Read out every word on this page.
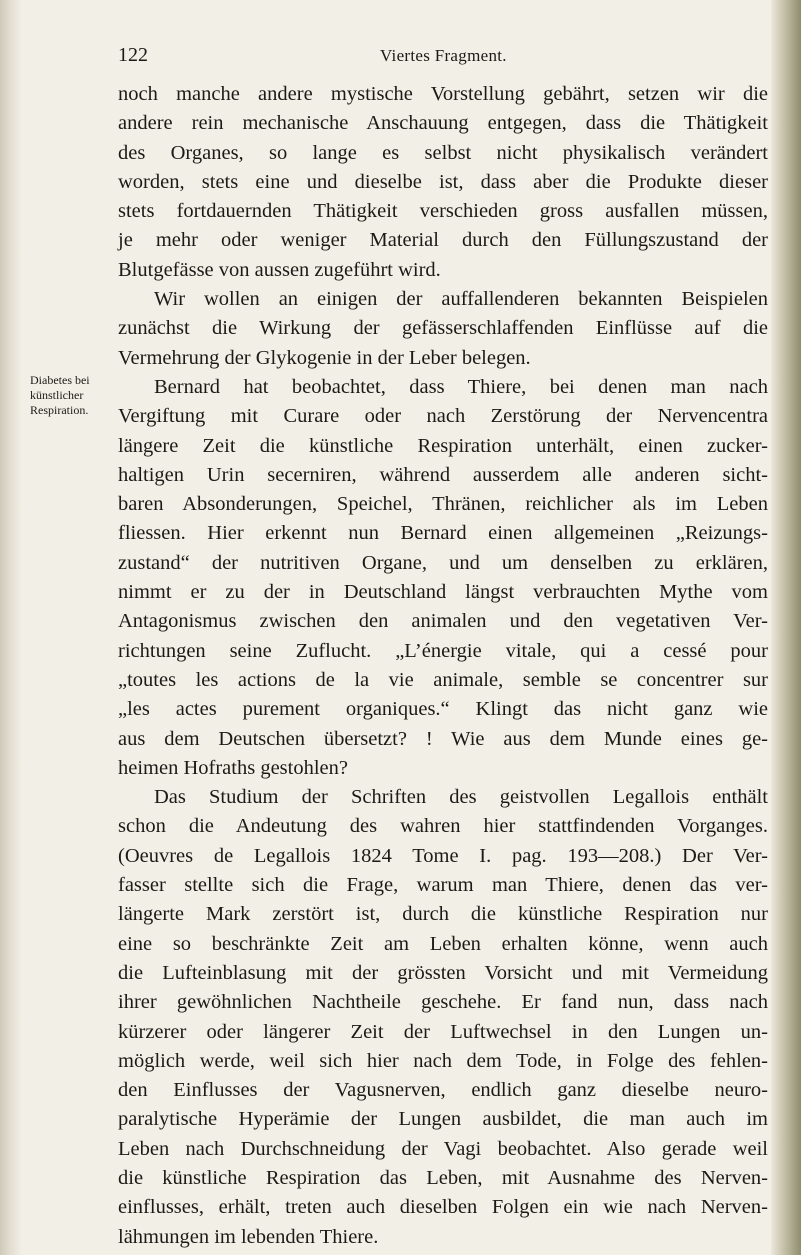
122	Viertes Fragment.
Diabetes bei
künstlicher
Respiration.
noch manche andere mystische Vorstellung gebährt, setzen wir die
andere rein mechanische Anschauung entgegen, dass die Thätigkeit
des Organes, so lange es selbst nicht physikalisch verändert
worden, stets eine und dieselbe ist, dass aber die Produkte dieser
stets fortdauernden Thätigkeit verschieden gross ausfallen müssen,
je mehr oder weniger Material durch den Füllungszustand der
Blutgefässe von aussen zugeführt wird.
Wir wollen an einigen der auffallenderen bekannten Beispielen
zunächst die Wirkung der gefässerschlaffenden Einflüsse auf die
Vermehrung der Glykogenie in der Leber belegen.
Bernard hat beobachtet, dass Thiere, bei denen man nach
Vergiftung mit Curare oder nach Zerstörung der Nervencentra
längere Zeit die künstliche Respiration unterhält, einen zucker-
haltigen Urin secerniren, während ausserdem alle anderen sicht-
baren Absonderungen, Speichel, Thränen, reichlicher als im Leben
fliessen. Hier erkennt nun Bernard einen allgemeinen „Reizungs-
zustand“ der nutritiven Organe, und um denselben zu erklären,
nimmt er zu der in Deutschland längst verbrauchten Mythe vom
Antagonismus zwischen den animalen und den vegetativen Ver-
richtungen seine Zuflucht. „L’énergie vitale, qui a cessé pour
„toutes les actions de la vie animale, semble se concentrer sur
„les actes purement organiques.“ Klingt das nicht ganz wie
aus dem Deutschen übersetzt? ! Wie aus dem Munde eines ge-
heimen Hofraths gestohlen?
Das Studium der Schriften des geistvollen Legallois enthält
schon die Andeutung des wahren hier stattfindenden Vorganges.
(Oeuvres de Legallois 1824 Tome I. pag. 193—208.) Der Ver-
fasser stellte sich die Frage, warum man Thiere, denen das ver-
längerte Mark zerstört ist, durch die künstliche Respiration nur
eine so beschränkte Zeit am Leben erhalten könne, wenn auch
die Lufteinblasung mit der grössten Vorsicht und mit Vermeidung
ihrer gewöhnlichen Nachtheile geschehe. Er fand nun, dass nach
kürzerer oder längerer Zeit der Luftwechsel in den Lungen un-
möglich werde, weil sich hier nach dem Tode, in Folge des fehlen-
den Einflusses der Vagusnerven, endlich ganz dieselbe neuro-
paralytische Hyperämie der Lungen ausbildet, die man auch im
Leben nach Durchschneidung der Vagi beobachtet. Also gerade weil
die künstliche Respiration das Leben, mit Ausnahme des Nerven-
einflusses, erhält, treten auch dieselben Folgen ein wie nach Nerven-
lähmungen im lebenden Thiere.
